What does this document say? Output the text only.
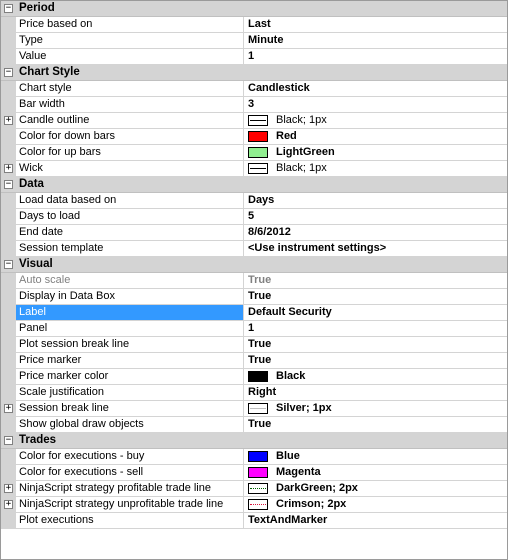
− Period
Price based on	Last
Type	Minute
Value	1
− Chart Style
Chart style	Candlestick
Bar width	3
+ Candle outline	Black; 1px
Color for down bars	Red
Color for up bars	LightGreen
+ Wick	Black; 1px
− Data
Load data based on	Days
Days to load	5
End date	8/6/2012
Session template	<Use instrument settings>
− Visual
Auto scale	True
Display in Data Box	True
Label	Default Security
Panel	1
Plot session break line	True
Price marker	True
Price marker color	Black
Scale justification	Right
+ Session break line	Silver; 1px
Show global draw objects	True
− Trades
Color for executions - buy	Blue
Color for executions - sell	Magenta
+ NinjaScript strategy profitable trade line	DarkGreen; 2px
+ NinjaScript strategy unprofitable trade line	Crimson; 2px
Plot executions	TextAndMarker
